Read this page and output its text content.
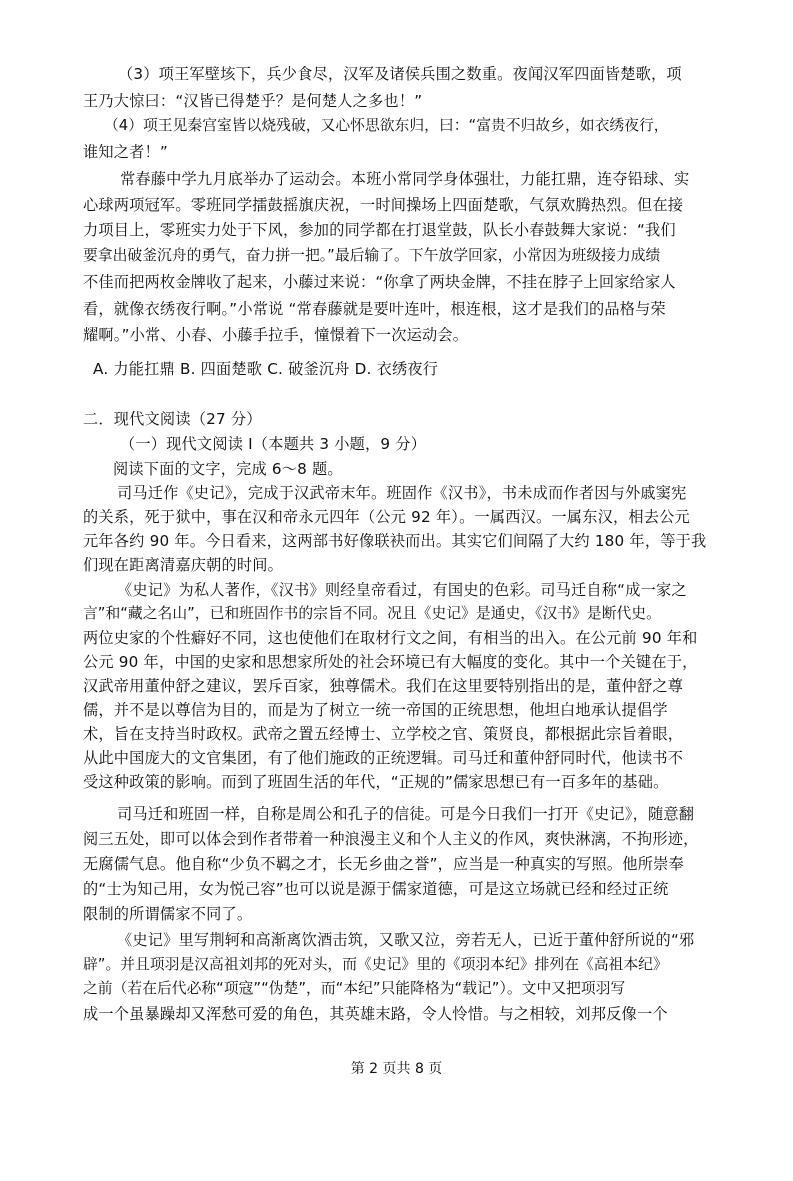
（3）项王军壁垓下，兵少食尽，汉军及诸侯兵围之数重。夜闻汉军四面皆楚歌，项
王乃大惊曰：“汉皆已得楚乎？是何楚人之多也！”
（4）项王见秦宫室皆以烧残破，又心怀思欲东归，曰：“富贵不归故乡，如衣绣夜行，
谁知之者！”
常春藤中学九月底举办了运动会。本班小常同学身体强壮，力能扛鼎，连夺铅球、实
心球两项冠军。零班同学擂鼓摇旗庆祝，一时间操场上四面楚歌，气氛欢腾热烈。但在接
力项目上，零班实力处于下风，参加的同学都在打退堂鼓，队长小春鼓舞大家说：“我们
要拿出破釜沉舟的勇气，奋力拼一把。”最后输了。下午放学回家，小常因为班级接力成绩
不佳而把两枚金牌收了起来，小藤过来说：“你拿了两块金牌，不挂在脖子上回家给家人
看，就像衣绣夜行啊。”小常说 “常春藤就是要叶连叶，根连根，这才是我们的品格与荣
耀啊。”小常、小春、小藤手拉手，憧憬着下一次运动会。
A. 力能扛鼎 B. 四面楚歌 C. 破釜沉舟 D. 衣绣夜行
二．现代文阅读（27 分）
（一）现代文阅读 I（本题共 3 小题，9 分）
阅读下面的文字，完成 6～8 题。
司马迁作《史记》，完成于汉武帝末年。班固作《汉书》，书未成而作者因与外戚窦宪
的关系，死于狱中，事在汉和帝永元四年（公元 92 年）。一属西汉。一属东汉，相去公元
元年各约 90 年。今日看来，这两部书好像联袂而出。其实它们间隔了大约 180 年，等于我
们现在距离清嘉庆朝的时间。
《史记》为私人著作，《汉书》则经皇帝看过，有国史的色彩。司马迁自称“成一家之
言”和“藏之名山”，已和班固作书的宗旨不同。况且《史记》是通史，《汉书》是断代史。
两位史家的个性癖好不同，这也使他们在取材行文之间，有相当的出入。在公元前 90 年和
公元 90 年，中国的史家和思想家所处的社会环境已有大幅度的变化。其中一个关键在于，
汉武帝用董仲舒之建议，罢斥百家，独尊儒术。我们在这里要特别指出的是，董仲舒之尊
儒，并不是以尊信为目的，而是为了树立一统一帝国的正统思想，他坦白地承认提倡学
术，旨在支持当时政权。武帝之置五经博士、立学校之官、策贤良，都根据此宗旨着眼，
从此中国庞大的文官集团，有了他们施政的正统逻辑。司马迁和董仲舒同时代，他读书不
受这种政策的影响。而到了班固生活的年代，“正规的”儒家思想已有一百多年的基础。
司马迁和班固一样，自称是周公和孔子的信徒。可是今日我们一打开《史记》，随意翻
阅三五处，即可以体会到作者带着一种浪漫主义和个人主义的作风，爽快淋漓，不拘形迹，
无腐儒气息。他自称“少负不羁之才，长无乡曲之誉”，应当是一种真实的写照。他所崇奉
的“士为知己用，女为悦己容”也可以说是源于儒家道德，可是这立场就已经和经过正统
限制的所谓儒家不同了。
《史记》里写荆轲和高渐离饮酒击筑，又歌又泣，旁若无人，已近于董仲舒所说的“邪
辟”。并且项羽是汉高祖刘邦的死对头，而《史记》里的《项羽本纪》排列在《高祖本纪》
之前（若在后代必称“项寇”“伪楚”，而“本纪”只能降格为“载记”）。文中又把项羽写
成一个虽暴躁却又浑愁可爱的角色，其英雄末路，令人怜惜。与之相较，刘邦反像一个
第 2 页共 8 页
